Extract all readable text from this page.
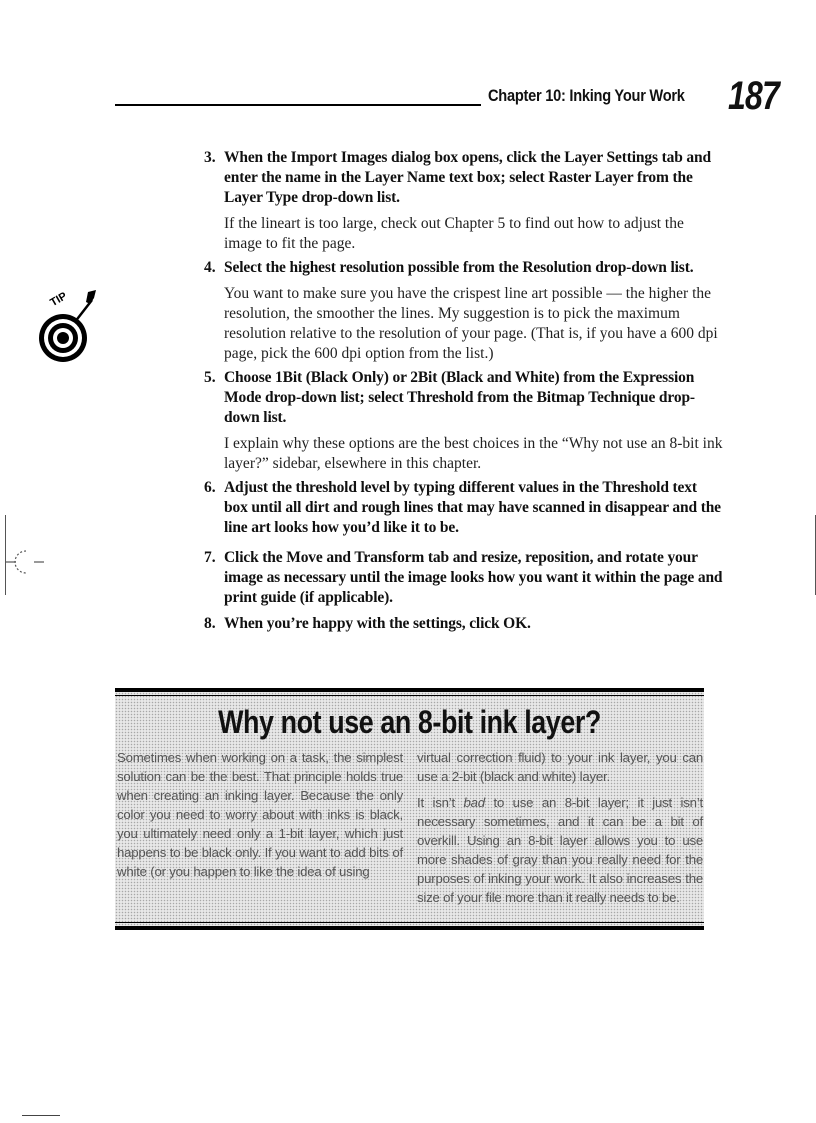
Chapter 10: Inking Your Work 187
TIP
3. When the Import Images dialog box opens, click the Layer Settings tab and enter the name in the Layer Name text box; select Raster Layer from the Layer Type drop-down list.
If the lineart is too large, check out Chapter 5 to find out how to adjust the image to fit the page.
4. Select the highest resolution possible from the Resolution drop-down list.
You want to make sure you have the crispest line art possible — the higher the resolution, the smoother the lines. My suggestion is to pick the maximum resolution relative to the resolution of your page. (That is, if you have a 600 dpi page, pick the 600 dpi option from the list.)
5. Choose 1Bit (Black Only) or 2Bit (Black and White) from the Expression Mode drop-down list; select Threshold from the Bitmap Technique drop-down list.
I explain why these options are the best choices in the “Why not use an 8-bit ink layer?” sidebar, elsewhere in this chapter.
6. Adjust the threshold level by typing different values in the Threshold text box until all dirt and rough lines that may have scanned in disappear and the line art looks how you’d like it to be.
7. Click the Move and Transform tab and resize, reposition, and rotate your image as necessary until the image looks how you want it within the page and print guide (if applicable).
8. When you’re happy with the settings, click OK.
Why not use an 8-bit ink layer?

Sometimes when working on a task, the simplest solution can be the best. That principle holds true when creating an inking layer. Because the only color you need to worry about with inks is black, you ultimately need only a 1-bit layer, which just happens to be black only. If you want to add bits of white (or you happen to like the idea of using

virtual correction fluid) to your ink layer, you can use a 2-bit (black and white) layer.

It isn’t bad to use an 8-bit layer; it just isn’t necessary sometimes, and it can be a bit of overkill. Using an 8-bit layer allows you to use more shades of gray than you really need for the purposes of inking your work. It also increases the size of your file more than it really needs to be.
